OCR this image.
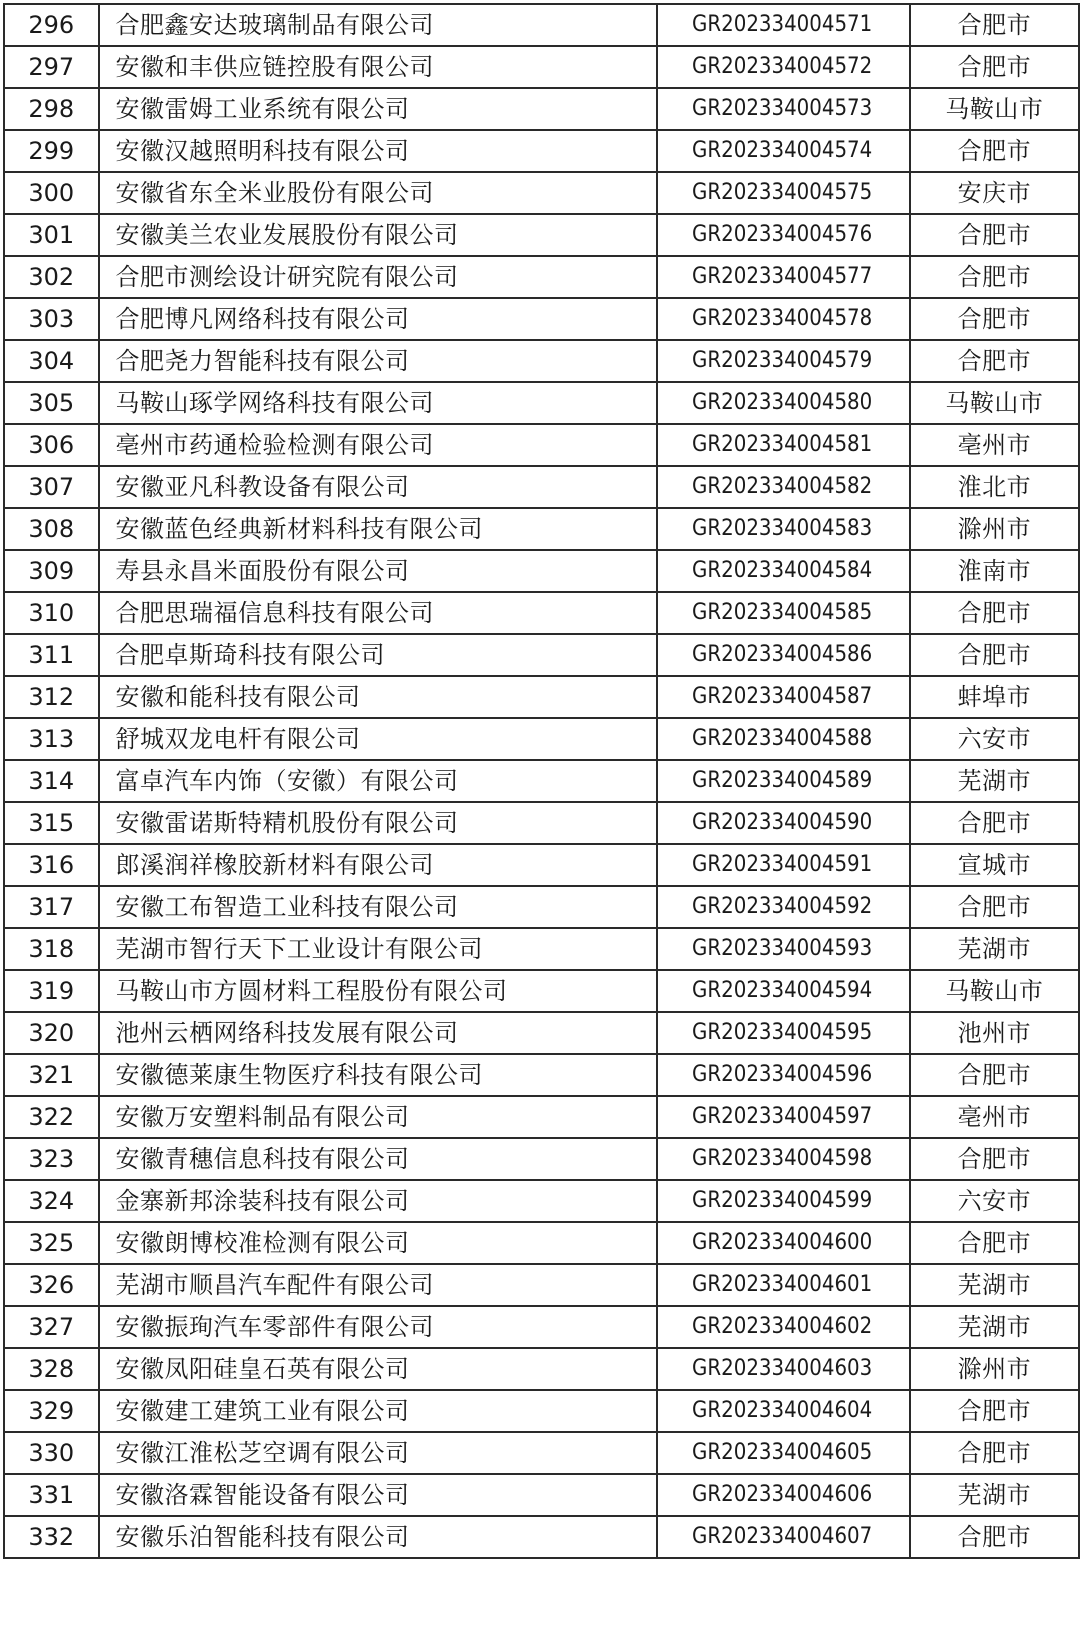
296	合肥鑫安达玻璃制品有限公司	GR202334004571	合肥市
297	安徽和丰供应链控股有限公司	GR202334004572	合肥市
298	安徽雷姆工业系统有限公司	GR202334004573	马鞍山市
299	安徽汉越照明科技有限公司	GR202334004574	合肥市
300	安徽省东全米业股份有限公司	GR202334004575	安庆市
301	安徽美兰农业发展股份有限公司	GR202334004576	合肥市
302	合肥市测绘设计研究院有限公司	GR202334004577	合肥市
303	合肥博凡网络科技有限公司	GR202334004578	合肥市
304	合肥尧力智能科技有限公司	GR202334004579	合肥市
305	马鞍山琢学网络科技有限公司	GR202334004580	马鞍山市
306	亳州市药通检验检测有限公司	GR202334004581	亳州市
307	安徽亚凡科教设备有限公司	GR202334004582	淮北市
308	安徽蓝色经典新材料科技有限公司	GR202334004583	滁州市
309	寿县永昌米面股份有限公司	GR202334004584	淮南市
310	合肥思瑞福信息科技有限公司	GR202334004585	合肥市
311	合肥卓斯琦科技有限公司	GR202334004586	合肥市
312	安徽和能科技有限公司	GR202334004587	蚌埠市
313	舒城双龙电杆有限公司	GR202334004588	六安市
314	富卓汽车内饰（安徽）有限公司	GR202334004589	芜湖市
315	安徽雷诺斯特精机股份有限公司	GR202334004590	合肥市
316	郎溪润祥橡胶新材料有限公司	GR202334004591	宣城市
317	安徽工布智造工业科技有限公司	GR202334004592	合肥市
318	芜湖市智行天下工业设计有限公司	GR202334004593	芜湖市
319	马鞍山市方圆材料工程股份有限公司	GR202334004594	马鞍山市
320	池州云栖网络科技发展有限公司	GR202334004595	池州市
321	安徽德莱康生物医疗科技有限公司	GR202334004596	合肥市
322	安徽万安塑料制品有限公司	GR202334004597	亳州市
323	安徽青穗信息科技有限公司	GR202334004598	合肥市
324	金寨新邦涂装科技有限公司	GR202334004599	六安市
325	安徽朗博校准检测有限公司	GR202334004600	合肥市
326	芜湖市顺昌汽车配件有限公司	GR202334004601	芜湖市
327	安徽振珣汽车零部件有限公司	GR202334004602	芜湖市
328	安徽凤阳硅皇石英有限公司	GR202334004603	滁州市
329	安徽建工建筑工业有限公司	GR202334004604	合肥市
330	安徽江淮松芝空调有限公司	GR202334004605	合肥市
331	安徽洛霖智能设备有限公司	GR202334004606	芜湖市
332	安徽乐泊智能科技有限公司	GR202334004607	合肥市
